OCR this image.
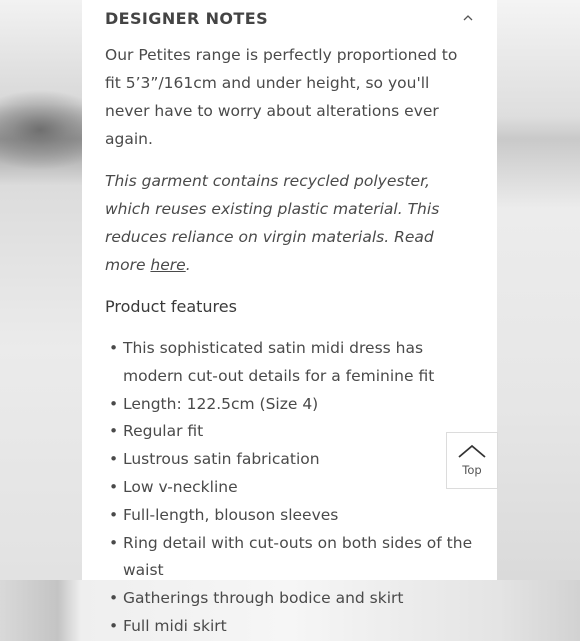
DESIGNER NOTES

Our Petites range is perfectly proportioned to fit 5’3”/161cm and under height, so you'll never have to worry about alterations ever again.

This garment contains recycled polyester, which reuses existing plastic material. This reduces reliance on virgin materials. Read more here.

Product features
• This sophisticated satin midi dress has modern cut-out details for a feminine fit
• Length: 122.5cm (Size 4)
• Regular fit
• Lustrous satin fabrication
• Low v-neckline
• Full-length, blouson sleeves
• Ring detail with cut-outs on both sides of the waist
• Gatherings through bodice and skirt
• Full midi skirt
Top
